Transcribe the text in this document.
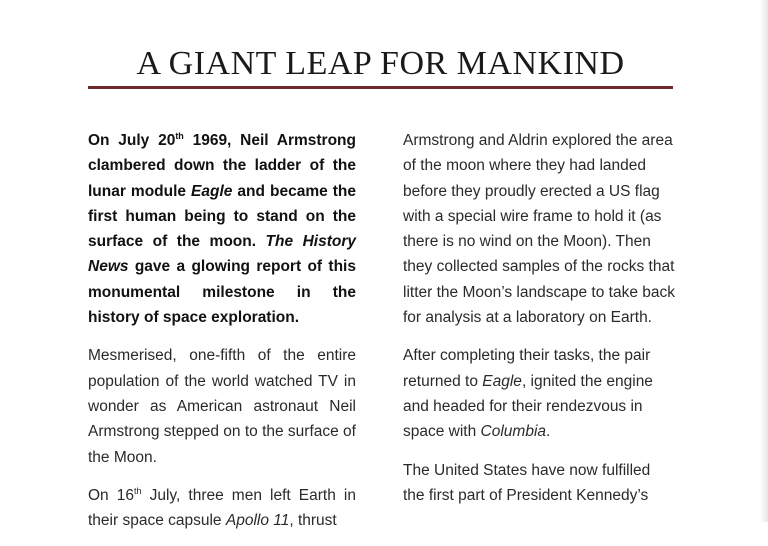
A GIANT LEAP FOR MANKIND

On July 20th 1969, Neil Armstrong clambered down the ladder of the lunar module Eagle and became the first human being to stand on the surface of the moon. The History News gave a glowing report of this monumental milestone in the history of space exploration.

Mesmerised, one-fifth of the entire population of the world watched TV in wonder as American astronaut Neil Armstrong stepped on to the surface of the Moon.

On 16th July, three men left Earth in their space capsule Apollo 11, thrust

Armstrong and Aldrin explored the area of the moon where they had landed before they proudly erected a US flag with a special wire frame to hold it (as there is no wind on the Moon). Then they collected samples of the rocks that litter the Moon’s landscape to take back for analysis at a laboratory on Earth.

After completing their tasks, the pair returned to Eagle, ignited the engine and headed for their rendezvous in space with Columbia.

The United States have now fulfilled the first part of President Kennedy’s
